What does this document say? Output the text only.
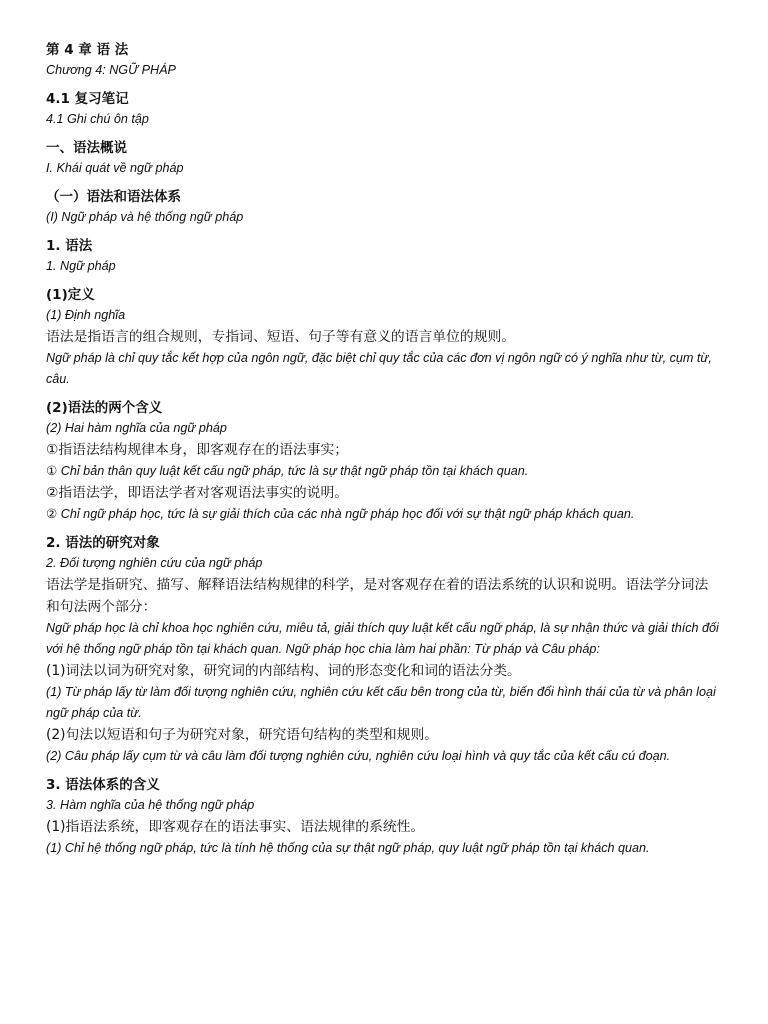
第 4 章 语 法
Chương 4: NGỮ PHÁP
4.1 复习笔记
4.1 Ghi chú ôn tập
一、语法概说
I. Khái quát về ngữ pháp
（一）语法和语法体系
(I) Ngữ pháp và hệ thống ngữ pháp
1. 语法
1. Ngữ pháp
(1)定义
(1) Định nghĩa
语法是指语言的组合规则，专指词、短语、句子等有意义的语言单位的规则。
Ngữ pháp là chỉ quy tắc kết hợp của ngôn ngữ, đặc biệt chỉ quy tắc của các đơn vị ngôn ngữ có ý nghĩa như từ, cụm từ, câu.
(2)语法的两个含义
(2) Hai hàm nghĩa của ngữ pháp
①指语法结构规律本身，即客观存在的语法事实；
① Chỉ bản thân quy luật kết cấu ngữ pháp, tức là sự thật ngữ pháp tồn tại khách quan.
②指语法学，即语法学者对客观语法事实的说明。
② Chỉ ngữ pháp học, tức là sự giải thích của các nhà ngữ pháp học đối với sự thật ngữ pháp khách quan.
2. 语法的研究对象
2. Đối tượng nghiên cứu của ngữ pháp
语法学是指研究、描写、解释语法结构规律的科学，是对客观存在着的语法系统的认识和说明。语法学分词法和句法两个部分：
Ngữ pháp học là chỉ khoa học nghiên cứu, miêu tả, giải thích quy luật kết cấu ngữ pháp, là sự nhận thức và giải thích đối với hệ thống ngữ pháp tồn tại khách quan. Ngữ pháp học chia làm hai phần: Từ pháp và Câu pháp:
(1)词法以词为研究对象，研究词的内部结构、词的形态变化和词的语法分类。
(1) Từ pháp lấy từ làm đối tượng nghiên cứu, nghiên cứu kết cấu bên trong của từ, biến đổi hình thái của từ và phân loại ngữ pháp của từ.
(2)句法以短语和句子为研究对象，研究语句结构的类型和规则。
(2) Câu pháp lấy cụm từ và câu làm đối tượng nghiên cứu, nghiên cứu loại hình và quy tắc của kết cấu cú đoạn.
3. 语法体系的含义
3. Hàm nghĩa của hệ thống ngữ pháp
(1)指语法系统，即客观存在的语法事实、语法规律的系统性。
(1) Chỉ hệ thống ngữ pháp, tức là tính hệ thống của sự thật ngữ pháp, quy luật ngữ pháp tồn tại khách quan.
